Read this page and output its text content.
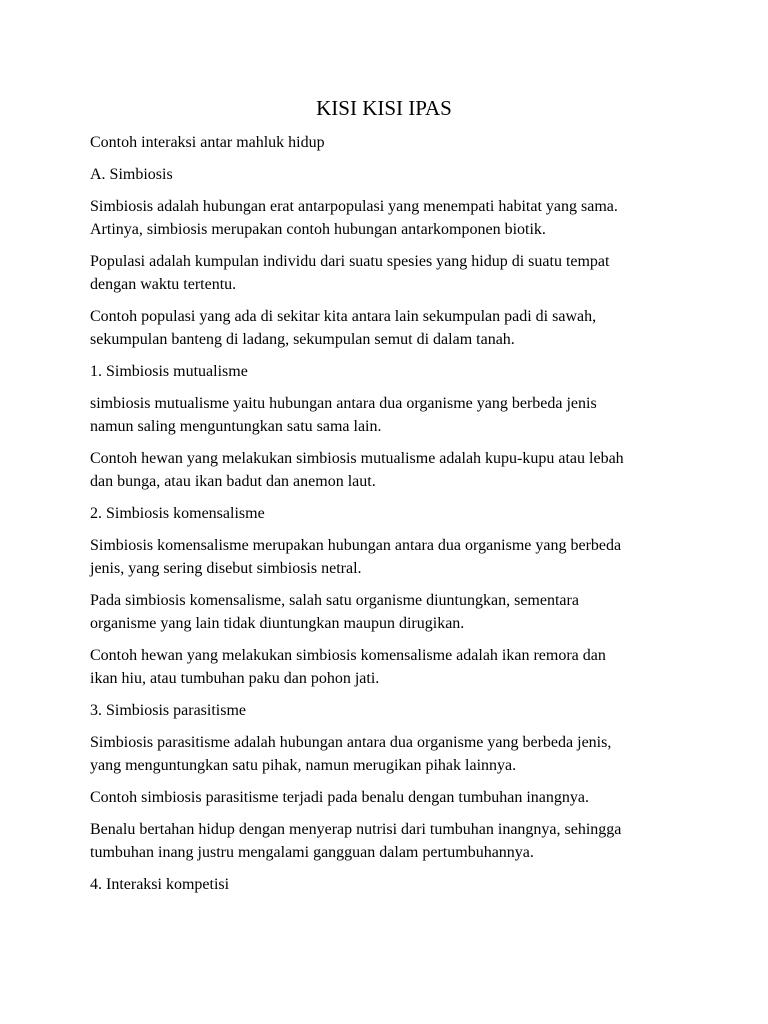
KISI KISI IPAS

Contoh interaksi antar mahluk hidup

A. Simbiosis

Simbiosis adalah hubungan erat antarpopulasi yang menempati habitat yang sama.
Artinya, simbiosis merupakan contoh hubungan antarkomponen biotik.

Populasi adalah kumpulan individu dari suatu spesies yang hidup di suatu tempat
dengan waktu tertentu.

Contoh populasi yang ada di sekitar kita antara lain sekumpulan padi di sawah,
sekumpulan banteng di ladang, sekumpulan semut di dalam tanah.

1. Simbiosis mutualisme

simbiosis mutualisme yaitu hubungan antara dua organisme yang berbeda jenis
namun saling menguntungkan satu sama lain.

Contoh hewan yang melakukan simbiosis mutualisme adalah kupu-kupu atau lebah
dan bunga, atau ikan badut dan anemon laut.

2. Simbiosis komensalisme

Simbiosis komensalisme merupakan hubungan antara dua organisme yang berbeda
jenis, yang sering disebut simbiosis netral.

Pada simbiosis komensalisme, salah satu organisme diuntungkan, sementara
organisme yang lain tidak diuntungkan maupun dirugikan.

Contoh hewan yang melakukan simbiosis komensalisme adalah ikan remora dan
ikan hiu, atau tumbuhan paku dan pohon jati.

3. Simbiosis parasitisme

Simbiosis parasitisme adalah hubungan antara dua organisme yang berbeda jenis,
yang menguntungkan satu pihak, namun merugikan pihak lainnya.

Contoh simbiosis parasitisme terjadi pada benalu dengan tumbuhan inangnya.

Benalu bertahan hidup dengan menyerap nutrisi dari tumbuhan inangnya, sehingga
tumbuhan inang justru mengalami gangguan dalam pertumbuhannya.

4. Interaksi kompetisi
